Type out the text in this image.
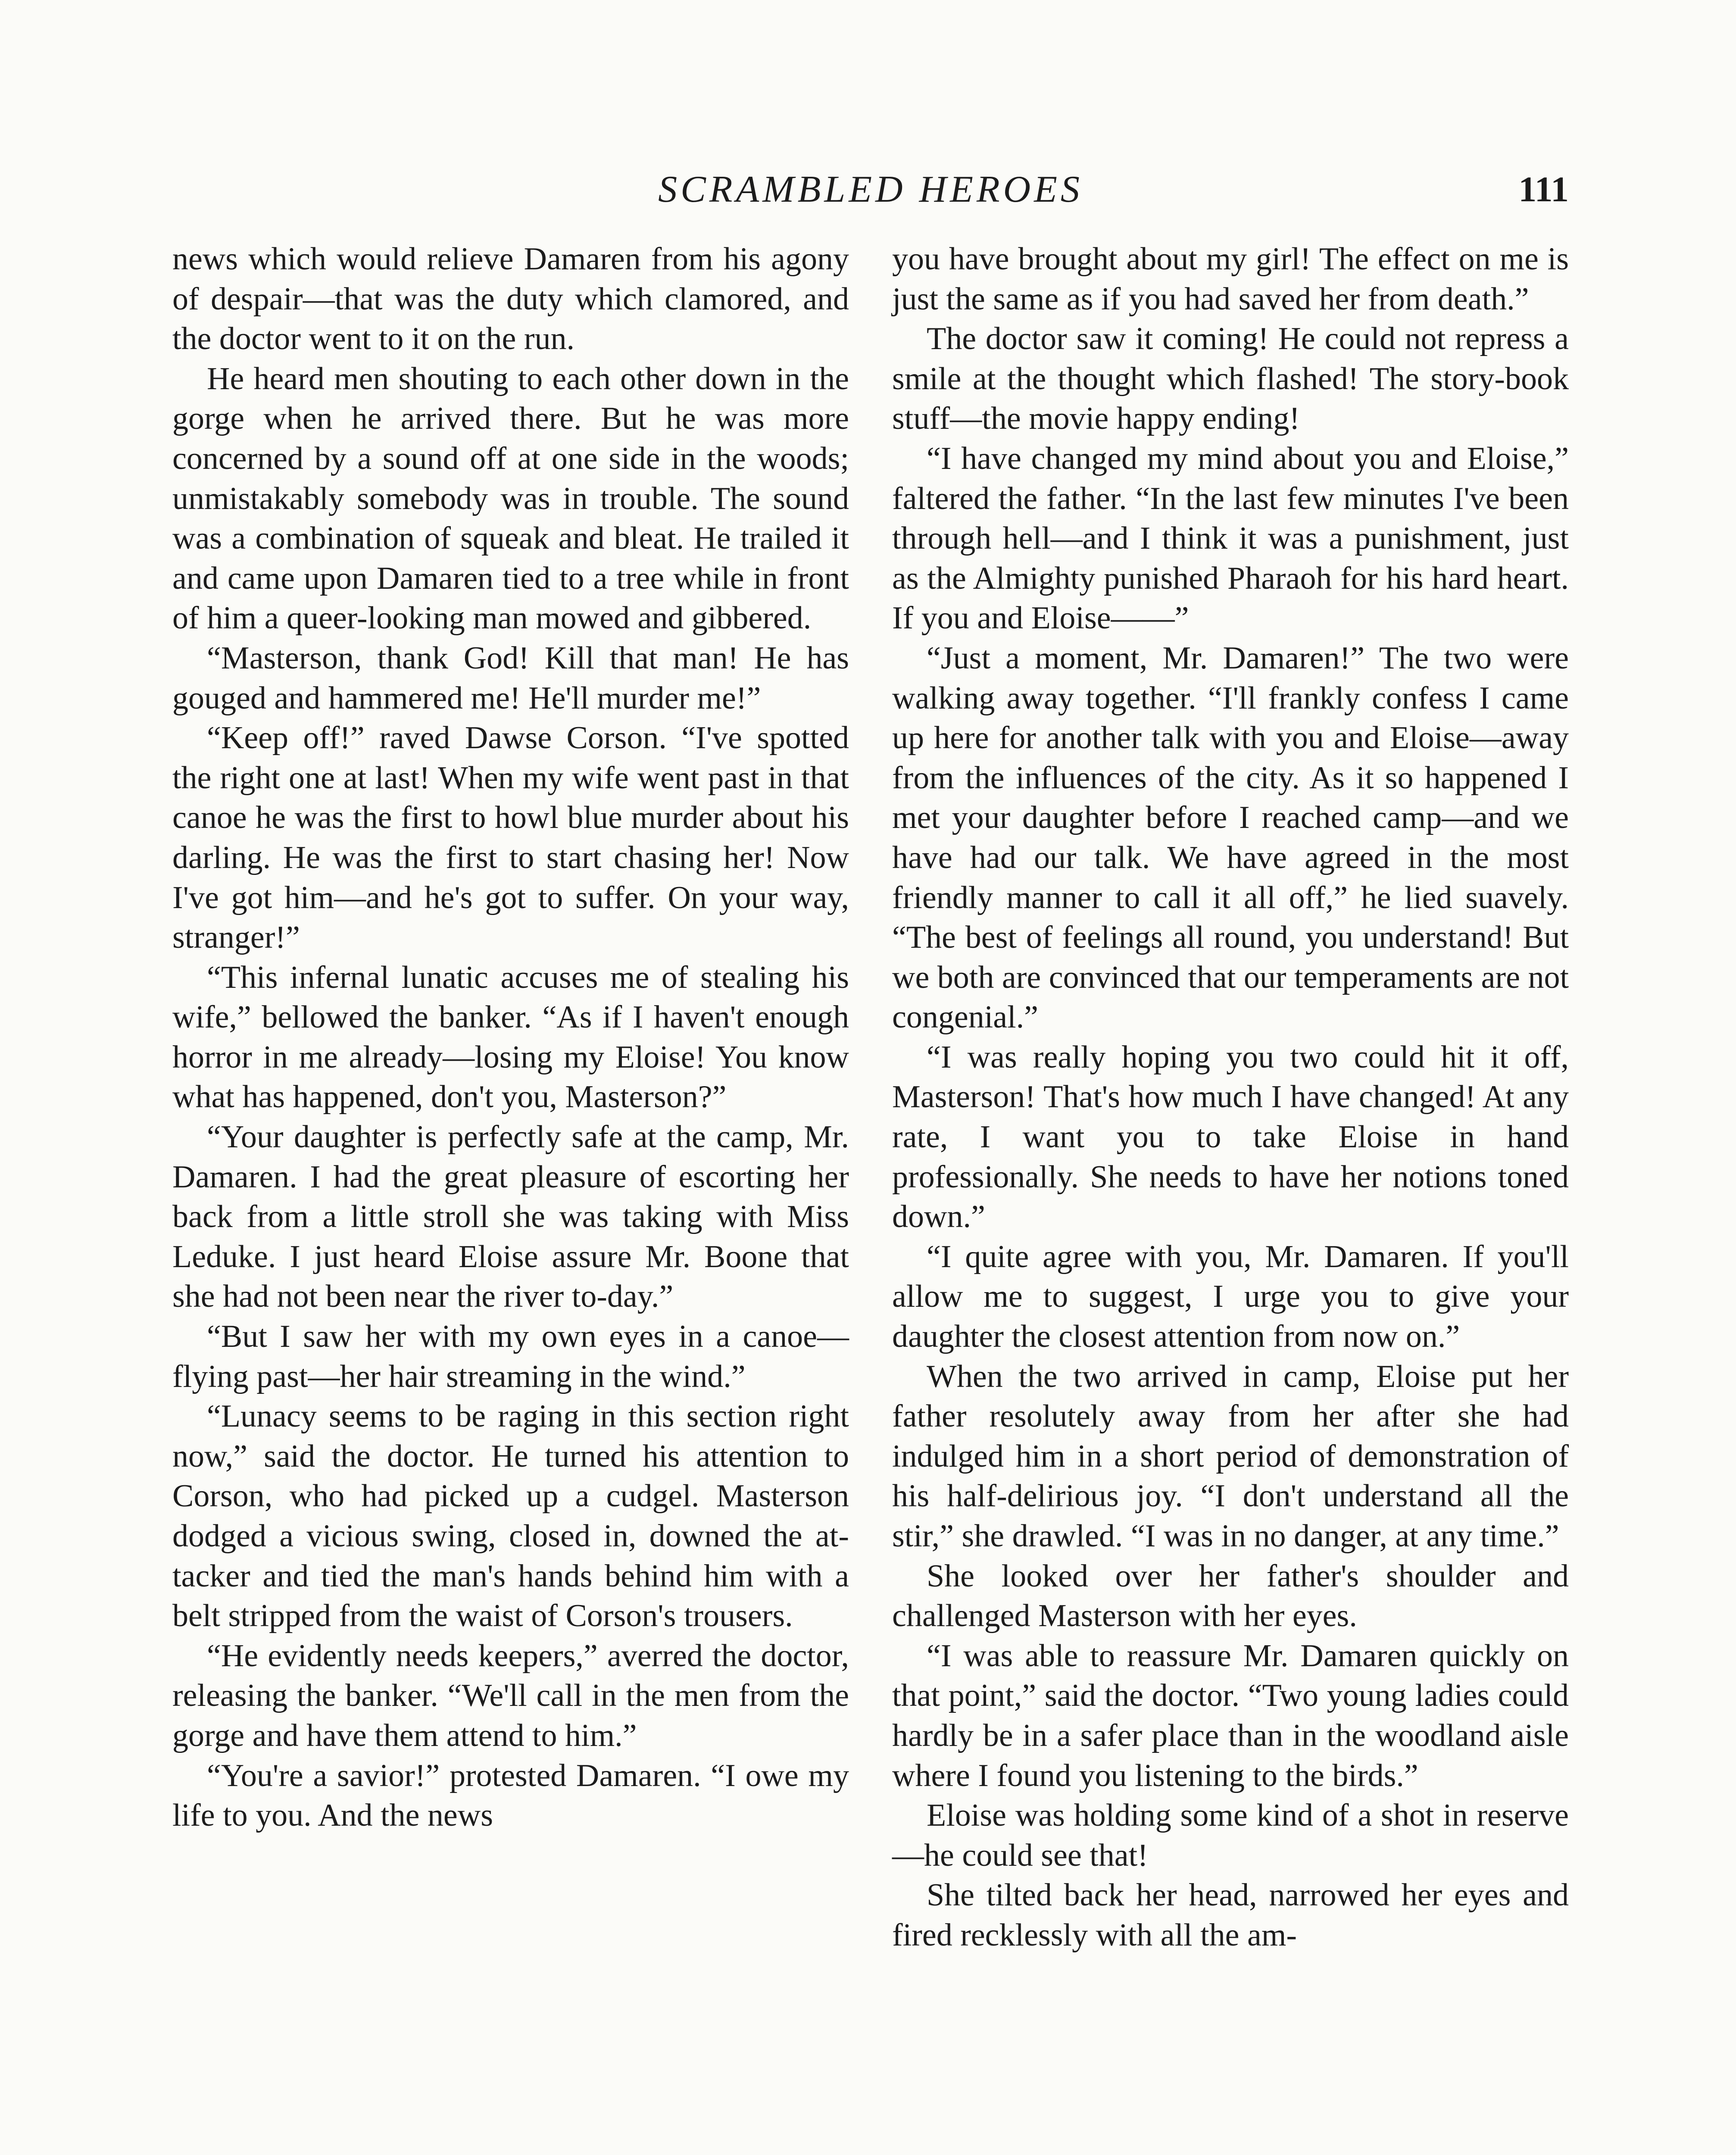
SCRAMBLED HEROES	111

news which would relieve Damaren from his agony of despair—that was the duty which clamored, and the doctor went to it on the run.

He heard men shouting to each other down in the gorge when he arrived there. But he was more concerned by a sound off at one side in the woods; unmistakably somebody was in trouble. The sound was a combination of squeak and bleat. He trailed it and came upon Damaren tied to a tree while in front of him a queer-looking man mowed and gibbered.

“Masterson, thank God! Kill that man! He has gouged and hammered me! He'll murder me!”

“Keep off!” raved Dawse Corson. “I've spotted the right one at last! When my wife went past in that canoe he was the first to howl blue murder about his darling. He was the first to start chasing her! Now I've got him—and he's got to suffer. On your way, stranger!”

“This infernal lunatic accuses me of stealing his wife,” bellowed the banker. “As if I haven't enough horror in me already—losing my Eloise! You know what has happened, don't you, Masterson?”

“Your daughter is perfectly safe at the camp, Mr. Damaren. I had the great pleasure of escorting her back from a little stroll she was taking with Miss Leduke. I just heard Eloise assure Mr. Boone that she had not been near the river to-day.”

“But I saw her with my own eyes in a canoe—flying past—her hair streaming in the wind.”

“Lunacy seems to be raging in this section right now,” said the doctor. He turned his attention to Corson, who had picked up a cudgel. Masterson dodged a vicious swing, closed in, downed the attacker and tied the man's hands behind him with a belt stripped from the waist of Corson's trousers.

“He evidently needs keepers,” averred the doctor, releasing the banker. “We'll call in the men from the gorge and have them attend to him.”

“You're a savior!” protested Damaren. “I owe my life to you. And the news

you have brought about my girl! The effect on me is just the same as if you had saved her from death.”

The doctor saw it coming! He could not repress a smile at the thought which flashed! The story-book stuff—the movie happy ending!

“I have changed my mind about you and Eloise,” faltered the father. “In the last few minutes I've been through hell—and I think it was a punishment, just as the Almighty punished Pharaoh for his hard heart. If you and Eloise——”

“Just a moment, Mr. Damaren!” The two were walking away together. “I'll frankly confess I came up here for another talk with you and Eloise—away from the influences of the city. As it so happened I met your daughter before I reached camp—and we have had our talk. We have agreed in the most friendly manner to call it all off,” he lied suavely. “The best of feelings all round, you understand! But we both are convinced that our temperaments are not congenial.”

“I was really hoping you two could hit it off, Masterson! That's how much I have changed! At any rate, I want you to take Eloise in hand professionally. She needs to have her notions toned down.”

“I quite agree with you, Mr. Damaren. If you'll allow me to suggest, I urge you to give your daughter the closest attention from now on.”

When the two arrived in camp, Eloise put her father resolutely away from her after she had indulged him in a short period of demonstration of his half-delirious joy. “I don't understand all the stir,” she drawled. “I was in no danger, at any time.”

She looked over her father's shoulder and challenged Masterson with her eyes.

“I was able to reassure Mr. Damaren quickly on that point,” said the doctor. “Two young ladies could hardly be in a safer place than in the woodland aisle where I found you listening to the birds.”

Eloise was holding some kind of a shot in reserve—he could see that!

She tilted back her head, narrowed her eyes and fired recklessly with all the am-
